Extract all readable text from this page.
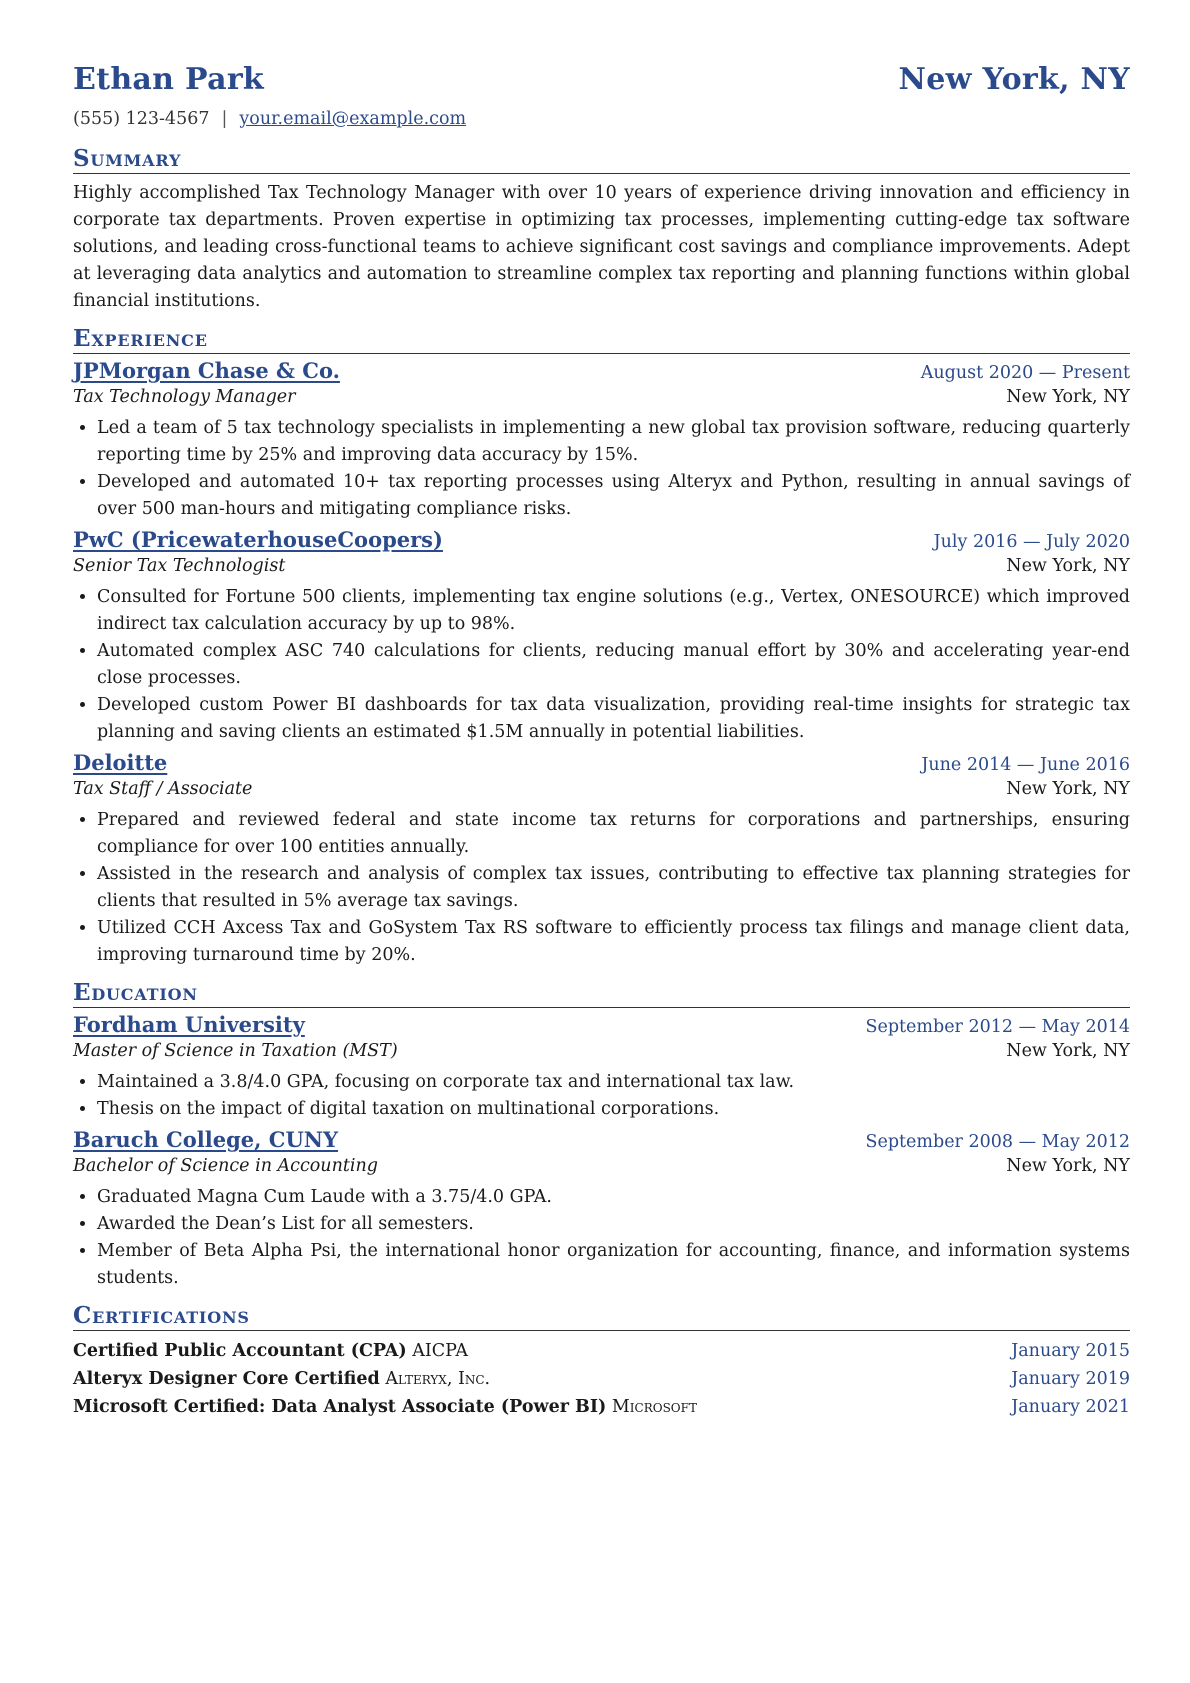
Ethan Park	New York, NY
(555) 123-4567 | your.email@example.com
Summary
Highly accomplished Tax Technology Manager with over 10 years of experience driving innovation and efficiency in corporate tax departments. Proven expertise in optimizing tax processes, implementing cutting-edge tax software solutions, and leading cross-functional teams to achieve significant cost savings and compliance improvements. Adept at leveraging data analytics and automation to streamline complex tax reporting and planning functions within global financial institutions.
Experience
JPMorgan Chase & Co.	August 2020 — Present
Tax Technology Manager	New York, NY
• Led a team of 5 tax technology specialists in implementing a new global tax provision software, reducing quarterly reporting time by 25% and improving data accuracy by 15%.
• Developed and automated 10+ tax reporting processes using Alteryx and Python, resulting in annual savings of over 500 man-hours and mitigating compliance risks.
PwC (PricewaterhouseCoopers)	July 2016 — July 2020
Senior Tax Technologist	New York, NY
• Consulted for Fortune 500 clients, implementing tax engine solutions (e.g., Vertex, ONESOURCE) which improved indirect tax calculation accuracy by up to 98%.
• Automated complex ASC 740 calculations for clients, reducing manual effort by 30% and accelerating year-end close processes.
• Developed custom Power BI dashboards for tax data visualization, providing real-time insights for strategic tax planning and saving clients an estimated $1.5M annually in potential liabilities.
Deloitte	June 2014 — June 2016
Tax Staff / Associate	New York, NY
• Prepared and reviewed federal and state income tax returns for corporations and partnerships, ensuring compliance for over 100 entities annually.
• Assisted in the research and analysis of complex tax issues, contributing to effective tax planning strategies for clients that resulted in 5% average tax savings.
• Utilized CCH Axcess Tax and GoSystem Tax RS software to efficiently process tax filings and manage client data, improving turnaround time by 20%.
Education
Fordham University	September 2012 — May 2014
Master of Science in Taxation (MST)	New York, NY
• Maintained a 3.8/4.0 GPA, focusing on corporate tax and international tax law.
• Thesis on the impact of digital taxation on multinational corporations.
Baruch College, CUNY	September 2008 — May 2012
Bachelor of Science in Accounting	New York, NY
• Graduated Magna Cum Laude with a 3.75/4.0 GPA.
• Awarded the Dean’s List for all semesters.
• Member of Beta Alpha Psi, the international honor organization for accounting, finance, and information systems students.
Certifications
Certified Public Accountant (CPA) AICPA	January 2015
Alteryx Designer Core Certified Alteryx, Inc.	January 2019
Microsoft Certified: Data Analyst Associate (Power BI) Microsoft	January 2021
